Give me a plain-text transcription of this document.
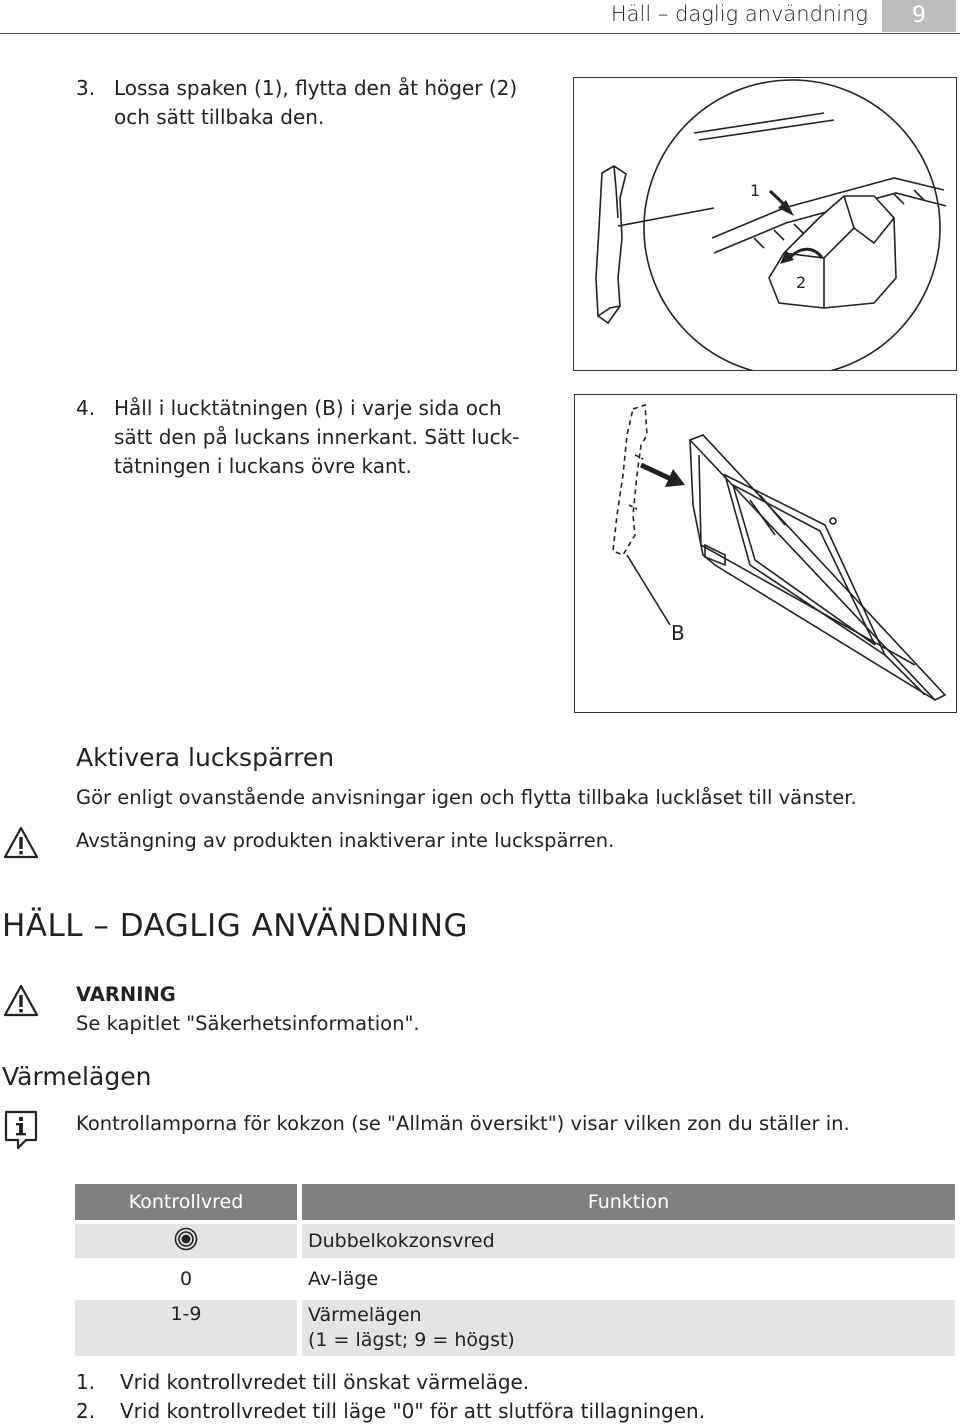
Häll – daglig användning	9
3. Lossa spaken (1), flytta den åt höger (2)
och sätt tillbaka den.
1
2
4. Håll i lucktätningen (B) i varje sida och
sätt den på luckans innerkant. Sätt luck-
tätningen i luckans övre kant.
B
Aktivera luckspärren
Gör enligt ovanstående anvisningar igen och flytta tillbaka lucklåset till vänster.
Avstängning av produkten inaktiverar inte luckspärren.
HÄLL – DAGLIG ANVÄNDNING
VARNING
Se kapitlet "Säkerhetsinformation".
Värmelägen
Kontrollamporna för kokzon (se "Allmän översikt") visar vilken zon du ställer in.
Kontrollvred	Funktion
	Dubbelkokzonsvred
0	Av-läge
1-9	Värmelägen
(1 = lägst; 9 = högst)
1. Vrid kontrollvredet till önskat värmeläge.
2. Vrid kontrollvredet till läge "0" för att slutföra tillagningen.
